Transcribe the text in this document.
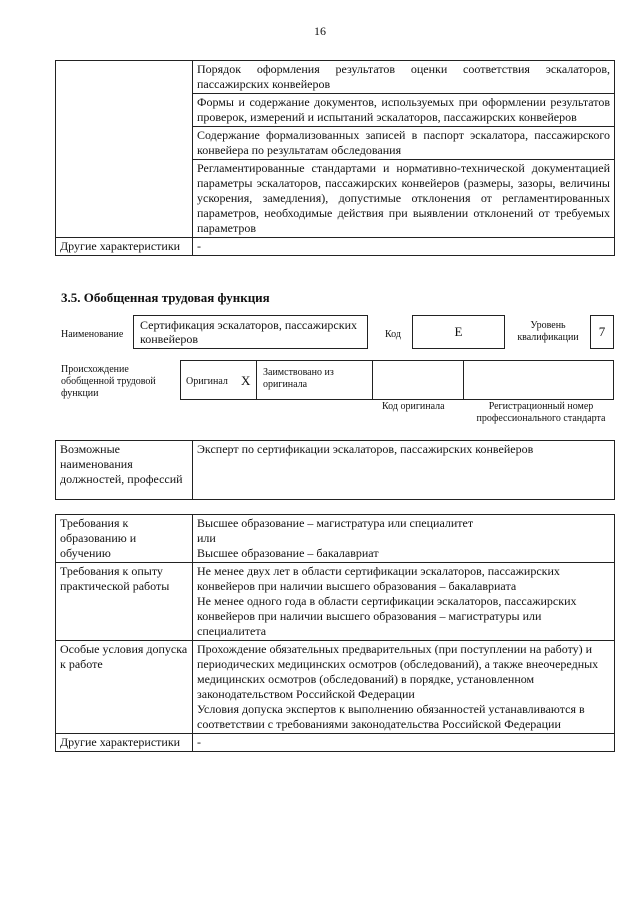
16
	Порядок оформления результатов оценки соответствия эскалаторов, пассажирских конвейеров
	Формы и содержание документов, используемых при оформлении результатов проверок, измерений и испытаний эскалаторов, пассажирских конвейеров
	Содержание формализованных записей в паспорт эскалатора, пассажирского конвейера по результатам обследования
	Регламентированные стандартами и нормативно-технической документацией параметры эскалаторов, пассажирских конвейеров (размеры, зазоры, величины ускорения, замедления), допустимые отклонения от регламентированных параметров, необходимые действия при выявлении отклонений от требуемых параметров
Другие характеристики	-
3.5. Обобщенная трудовая функция
Наименование
Сертификация эскалаторов, пассажирских конвейеров	Код	E	Уровень квалификации	7
Происхождение обобщенной трудовой функции
Оригинал X
Заимствовано из оригинала
Код оригинала	Регистрационный номер профессионального стандарта
Возможные наименования должностей, профессий	Эксперт по сертификации эскалаторов, пассажирских конвейеров
Требования к образованию и обучению	Высшее образование – магистратура или специалитет
или
Высшее образование – бакалавриат

Требования к опыту практической работы	Не менее двух лет в области сертификации эскалаторов, пассажирских конвейеров при наличии высшего образования – бакалавриата
Не менее одного года в области сертификации эскалаторов, пассажирских конвейеров при наличии высшего образования – магистратуры или специалитета

Особые условия допуска к работе	Прохождение обязательных предварительных (при поступлении на работу) и периодических медицинских осмотров (обследований), а также внеочередных медицинских осмотров (обследований) в порядке, установленном законодательством Российской Федерации
Условия допуска экспертов к выполнению обязанностей устанавливаются в соответствии с требованиями законодательства Российской Федерации

Другие характеристики	-
